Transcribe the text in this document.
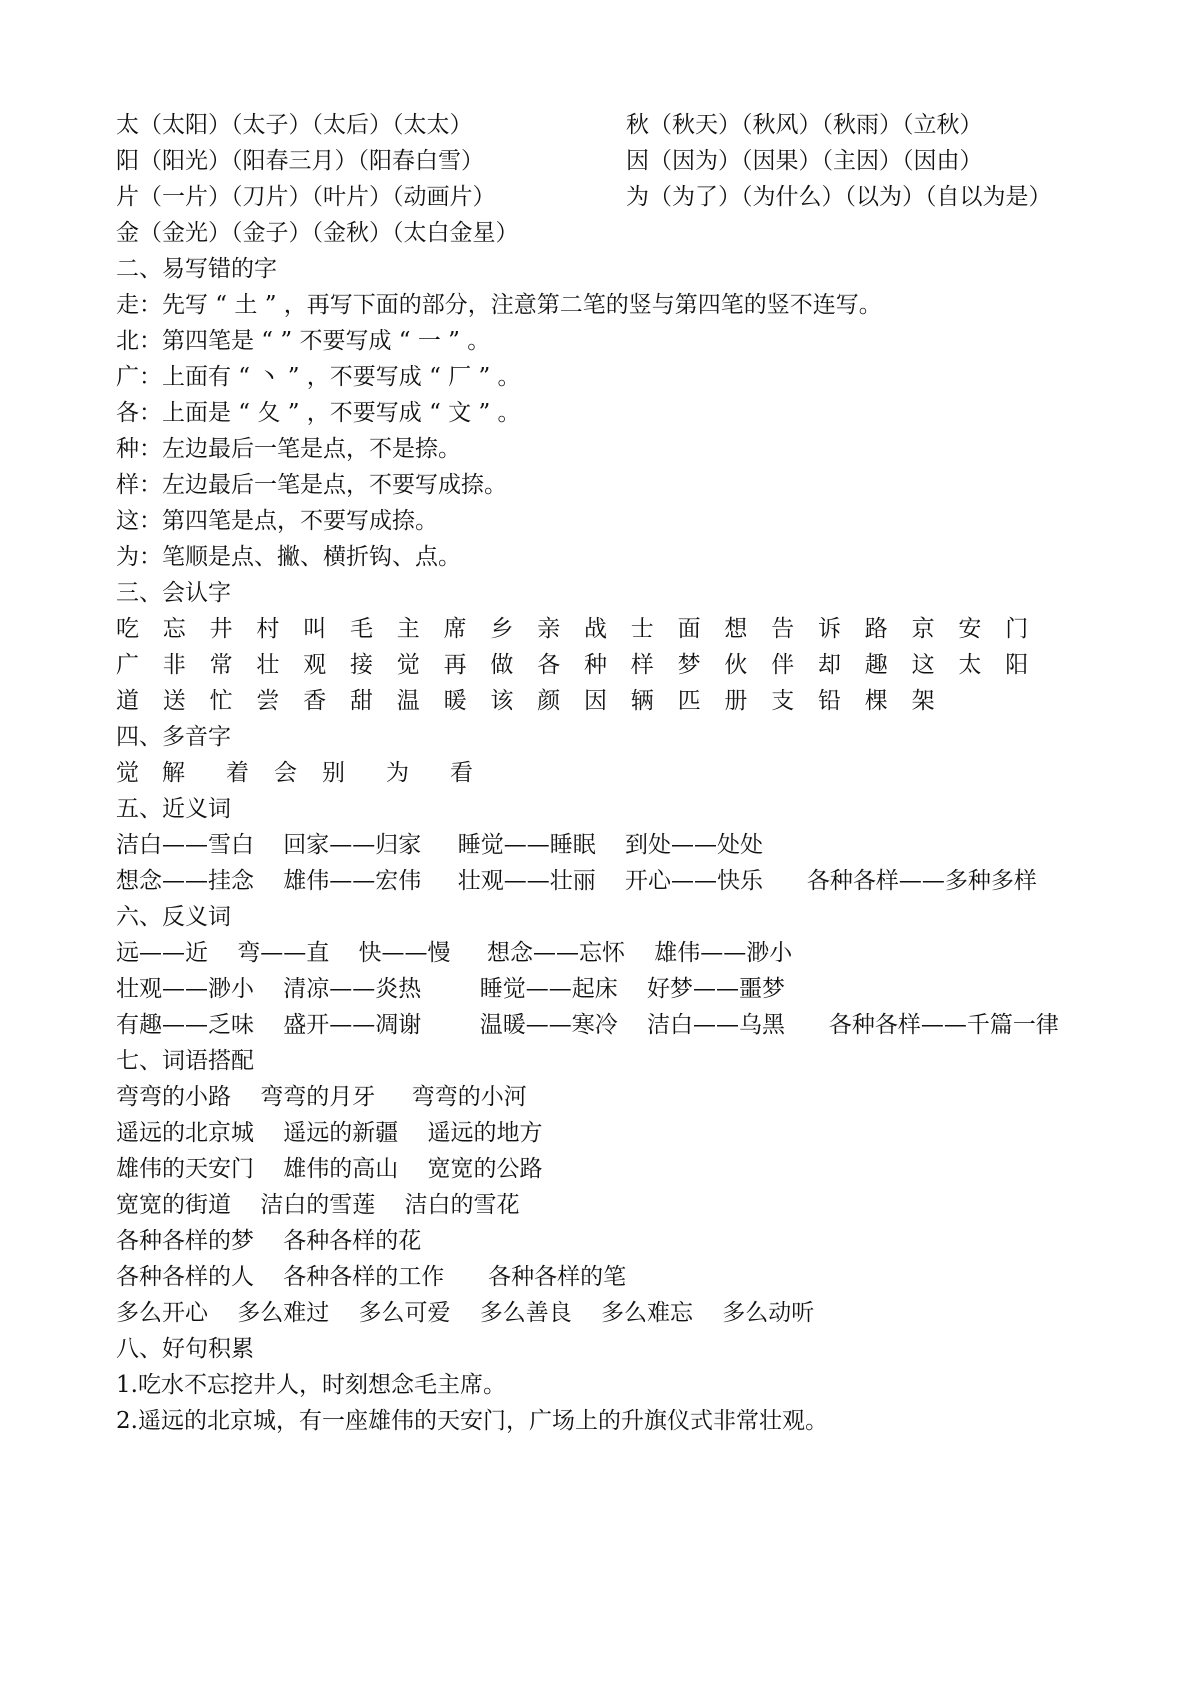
太（太阳）（太子）（太后）（太太）	秋（秋天）（秋风）（秋雨）（立秋）
阳（阳光）（阳春三月）（阳春白雪）	因（因为）（因果）（主因）（因由）
片（一片）（刀片）（叶片）（动画片）	为（为了）（为什么）（以为）（自以为是）
金（金光）（金子）（金秋）（太白金星）
二、易写错的字
走：先写 “ 土 ” ，再写下面的部分，注意第二笔的竖与第四笔的竖不连写。
北：第四笔是 “ ” 不要写成 “ 一 ” 。
广：上面有 “ 丶 ” ，不要写成 “ 厂 ” 。
各：上面是 “ 夂 ” ，不要写成 “ 文 ” 。
种：左边最后一笔是点，不是捺。
样：左边最后一笔是点，不要写成捺。
这：第四笔是点，不要写成捺。
为：笔顺是点、撇、横折钩、点。
三、会认字
吃 忘 井 村 叫 毛 主 席 乡 亲 战 士 面 想 告 诉 路 京 安 门
广 非 常 壮 观 接 觉 再 做 各 种 样 梦 伙 伴 却 趣 这 太 阳
道 送 忙 尝 香 甜 温 暖 该 颜 因 辆 匹 册 支 铅 棵 架
四、多音字
觉 解 着 会 别 为 看
五、近义词
洁白——雪白    回家——归家     睡觉——睡眠    到处——处处
想念——挂念    雄伟——宏伟     壮观——壮丽    开心——快乐      各种各样——多种多样
六、反义词
远——近    弯——直    快——慢     想念——忘怀    雄伟——渺小
壮观——渺小    清凉——炎热        睡觉——起床    好梦——噩梦
有趣——乏味    盛开——凋谢        温暖——寒冷    洁白——乌黑      各种各样——千篇一律
七、词语搭配
弯弯的小路    弯弯的月牙     弯弯的小河
遥远的北京城    遥远的新疆    遥远的地方
雄伟的天安门    雄伟的高山    宽宽的公路
宽宽的街道    洁白的雪莲    洁白的雪花
各种各样的梦    各种各样的花
各种各样的人    各种各样的工作      各种各样的笔
多么开心    多么难过    多么可爱    多么善良    多么难忘    多么动听
八、好句积累
1.吃水不忘挖井人，时刻想念毛主席。
2.遥远的北京城，有一座雄伟的天安门，广场上的升旗仪式非常壮观。
